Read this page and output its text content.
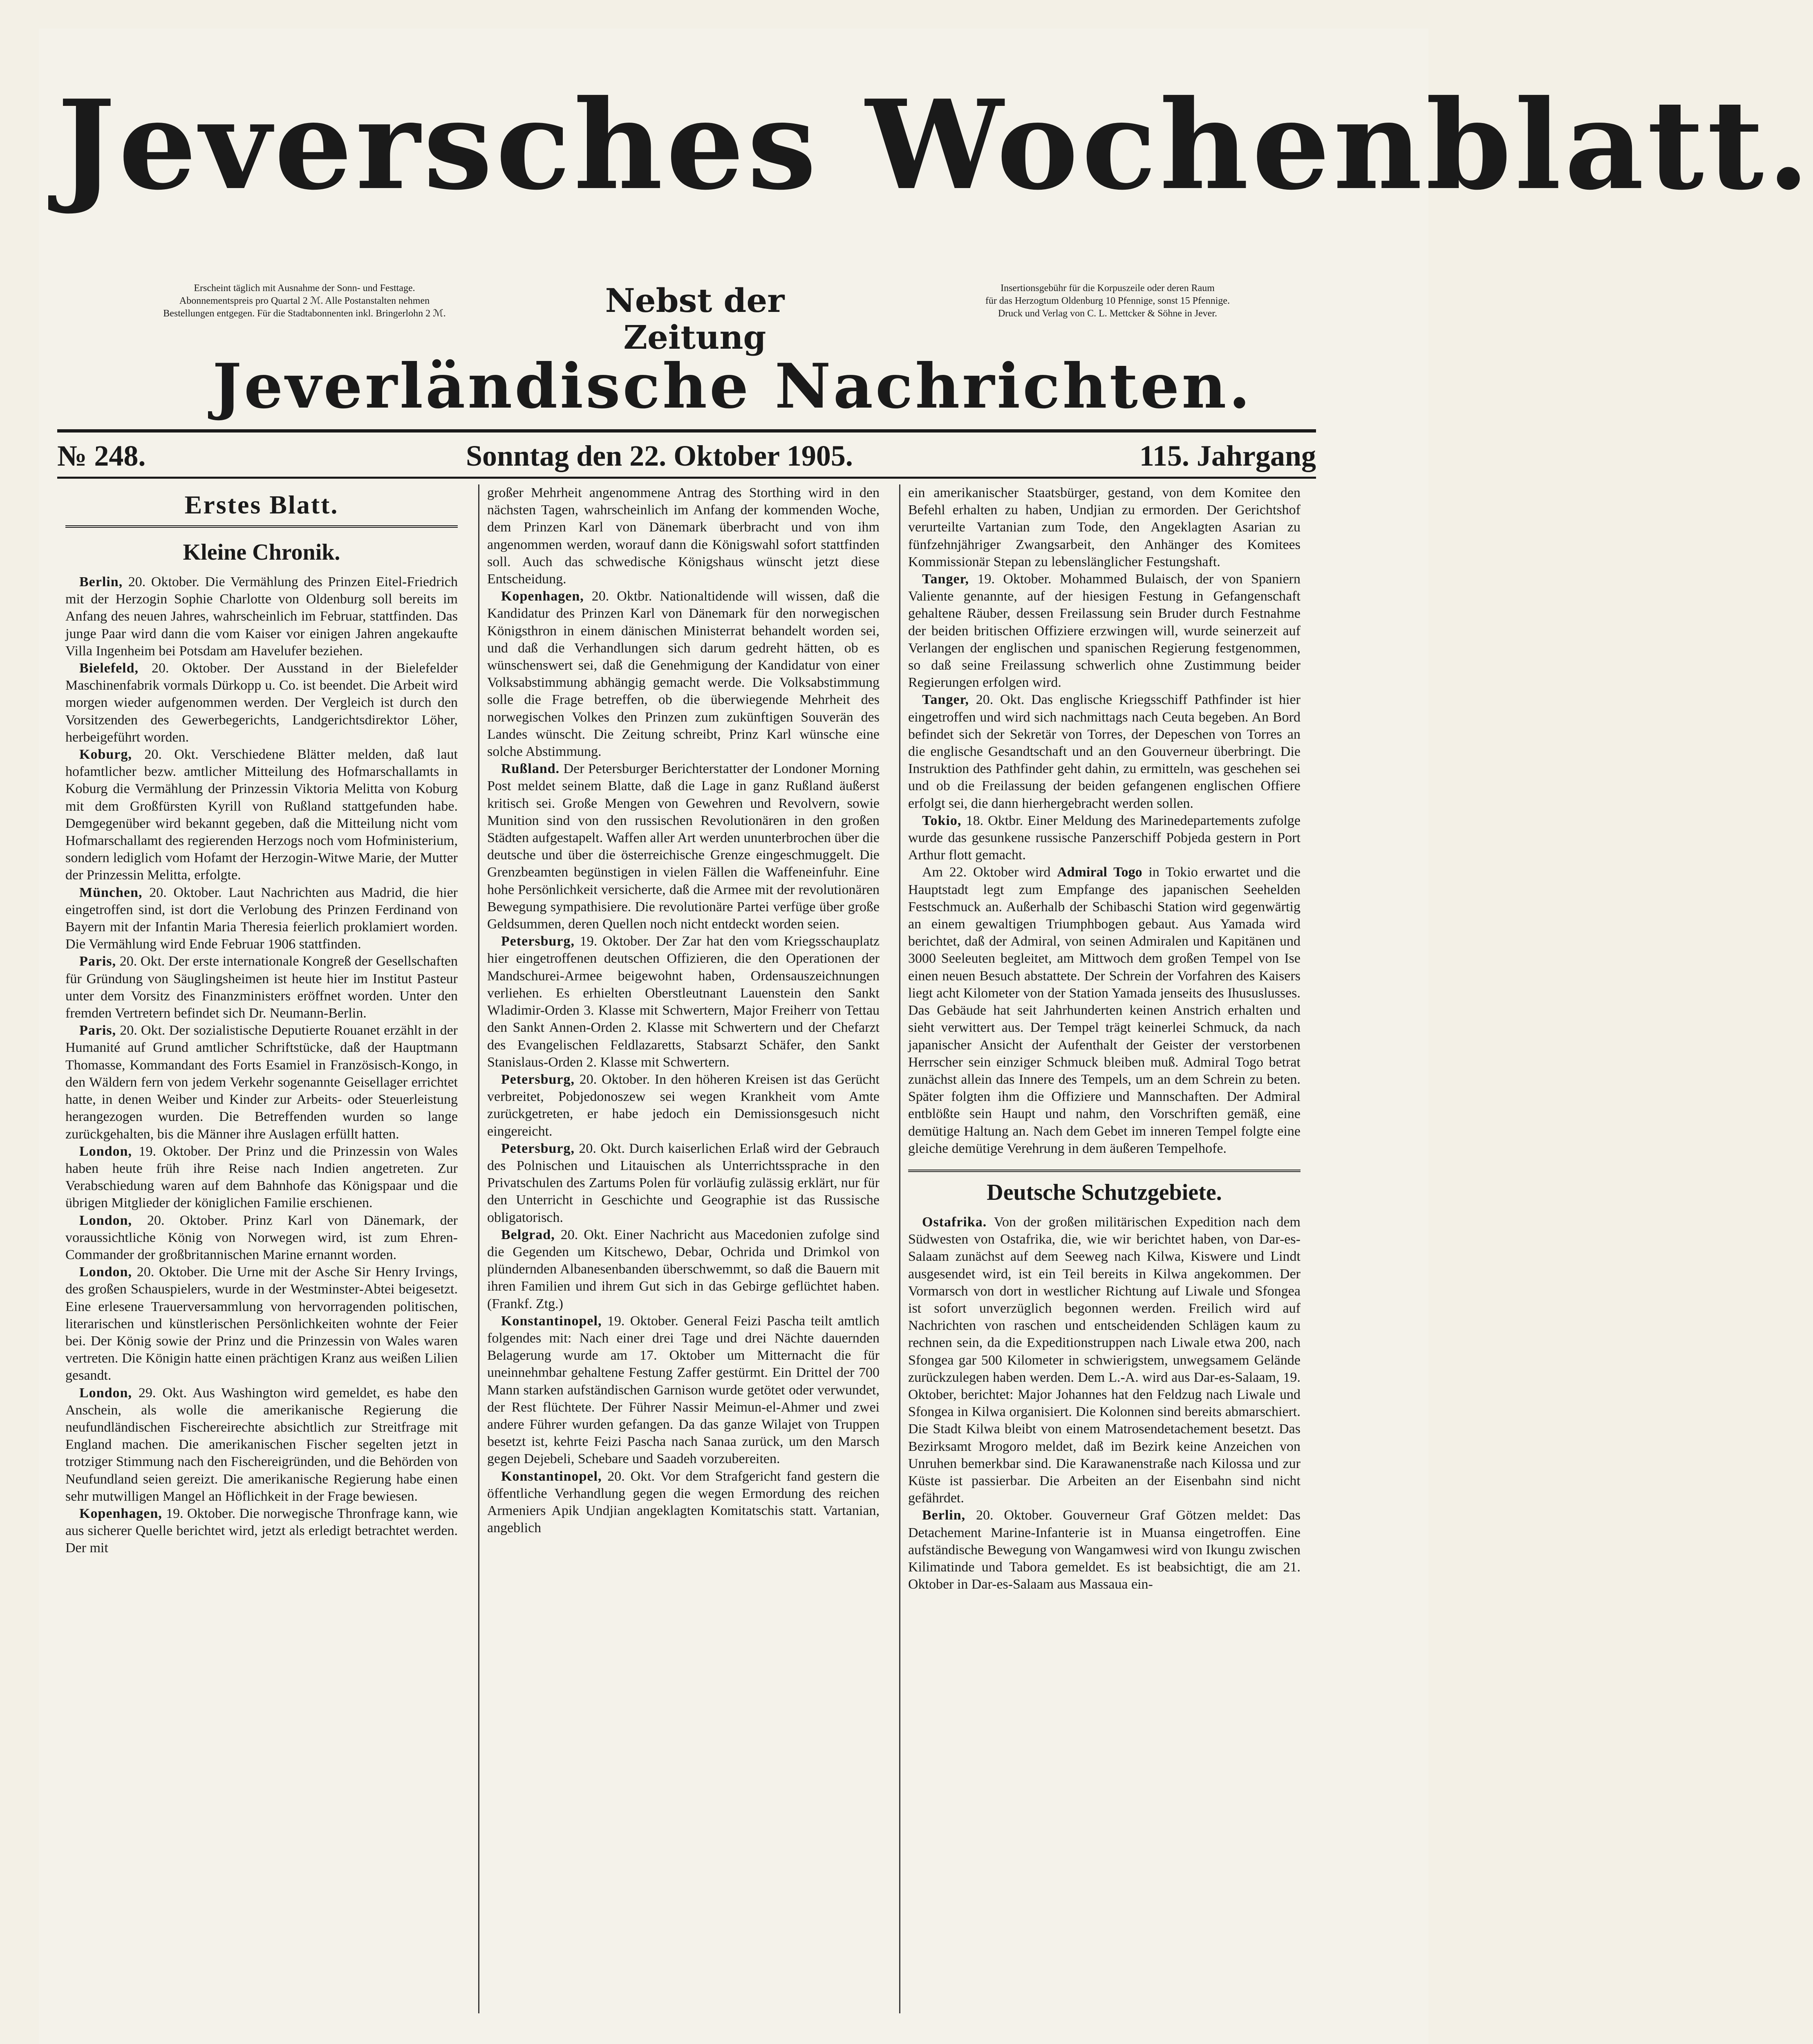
Jeversches Wochenblatt.
Erscheint täglich mit Ausnahme der Sonn- und Festtage.
Abonnementspreis pro Quartal 2 ℳ. Alle Postanstalten nehmen
Bestellungen entgegen. Für die Stadtabonnenten inkl. Bringerlohn 2 ℳ.	Nebst der Zeitung
Insertionsgebühr für die Korpuszeile oder deren Raum
für das Herzogtum Oldenburg 10 Pfennige, sonst 15 Pfennige.
Druck und Verlag von C. L. Mettcker & Söhne in Jever.
Jeverländische Nachrichten.
№ 248.	Sonntag den 22. Oktober 1905.	115. Jahrgang
Erstes Blatt.
Kleine Chronik.

Berlin, 20. Oktober. Die Vermählung des Prinzen Eitel-Friedrich mit der Herzogin Sophie Charlotte von Oldenburg soll bereits im Anfang des neuen Jahres, wahrscheinlich im Februar, stattfinden. Das junge Paar wird dann die vom Kaiser vor einigen Jahren angekaufte Villa Ingenheim bei Potsdam am Havelufer beziehen.

Bielefeld, 20. Oktober. Der Ausstand in der Bielefelder Maschinenfabrik vormals Dürkopp u. Co. ist beendet. Die Arbeit wird morgen wieder aufgenommen werden. Der Vergleich ist durch den Vorsitzenden des Gewerbegerichts, Landgerichtsdirektor Löher, herbeigeführt worden.

Koburg, 20. Okt. Verschiedene Blätter melden, daß laut hofamtlicher bezw. amtlicher Mitteilung des Hofmarschallamts in Koburg die Vermählung der Prinzessin Viktoria Melitta von Koburg mit dem Großfürsten Kyrill von Rußland stattgefunden habe. Demgegenüber wird bekannt gegeben, daß die Mitteilung nicht vom Hofmarschallamt des regierenden Herzogs noch vom Hofministerium, sondern lediglich vom Hofamt der Herzogin-Witwe Marie, der Mutter der Prinzessin Melitta, erfolgte.

München, 20. Oktober. Laut Nachrichten aus Madrid, die hier eingetroffen sind, ist dort die Verlobung des Prinzen Ferdinand von Bayern mit der Infantin Maria Theresia feierlich proklamiert worden. Die Vermählung wird Ende Februar 1906 stattfinden.

Paris, 20. Okt. Der erste internationale Kongreß der Gesellschaften für Gründung von Säuglingsheimen ist heute hier im Institut Pasteur unter dem Vorsitz des Finanzministers eröffnet worden. Unter den fremden Vertretern befindet sich Dr. Neumann-Berlin.

Paris, 20. Okt. Der sozialistische Deputierte Rouanet erzählt in der Humanité auf Grund amtlicher Schriftstücke, daß der Hauptmann Thomasse, Kommandant des Forts Esamiel in Französisch-Kongo, in den Wäldern fern von jedem Verkehr sogenannte Geisellager errichtet hatte, in denen Weiber und Kinder zur Arbeits- oder Steuerleistung herangezogen wurden. Die Betreffenden wurden so lange zurückgehalten, bis die Männer ihre Auslagen erfüllt hatten.

London, 19. Oktober. Der Prinz und die Prinzessin von Wales haben heute früh ihre Reise nach Indien angetreten. Zur Verabschiedung waren auf dem Bahnhofe das Königspaar und die übrigen Mitglieder der königlichen Familie erschienen.

London, 20. Oktober. Prinz Karl von Dänemark, der voraussichtliche König von Norwegen wird, ist zum Ehren-Commander der großbritannischen Marine ernannt worden.

London, 20. Oktober. Die Urne mit der Asche Sir Henry Irvings, des großen Schauspielers, wurde in der Westminster-Abtei beigesetzt. Eine erlesene Trauerversammlung von hervorragenden politischen, literarischen und künstlerischen Persönlichkeiten wohnte der Feier bei. Der König sowie der Prinz und die Prinzessin von Wales waren vertreten. Die Königin hatte einen prächtigen Kranz aus weißen Lilien gesandt.

London, 29. Okt. Aus Washington wird gemeldet, es habe den Anschein, als wolle die amerikanische Regierung die neufundländischen Fischereirechte absichtlich zur Streitfrage mit England machen. Die amerikanischen Fischer segelten jetzt in trotziger Stimmung nach den Fischereigründen, und die Behörden von Neufundland seien gereizt. Die amerikanische Regierung habe einen sehr mutwilligen Mangel an Höflichkeit in der Frage bewiesen.

Kopenhagen, 19. Oktober. Die norwegische Thronfrage kann, wie aus sicherer Quelle berichtet wird, jetzt als erledigt betrachtet werden. Der mit

großer Mehrheit angenommene Antrag des Storthing wird in den nächsten Tagen, wahrscheinlich im Anfang der kommenden Woche, dem Prinzen Karl von Dänemark überbracht und von ihm angenommen werden, worauf dann die Königswahl sofort stattfinden soll. Auch das schwedische Königshaus wünscht jetzt diese Entscheidung.

Kopenhagen, 20. Oktbr. Nationaltidende will wissen, daß die Kandidatur des Prinzen Karl von Dänemark für den norwegischen Königsthron in einem dänischen Ministerrat behandelt worden sei, und daß die Verhandlungen sich darum gedreht hätten, ob es wünschenswert sei, daß die Genehmigung der Kandidatur von einer Volksabstimmung abhängig gemacht werde. Die Volksabstimmung solle die Frage betreffen, ob die überwiegende Mehrheit des norwegischen Volkes den Prinzen zum zukünftigen Souverän des Landes wünscht. Die Zeitung schreibt, Prinz Karl wünsche eine solche Abstimmung.

Rußland. Der Petersburger Berichterstatter der Londoner Morning Post meldet seinem Blatte, daß die Lage in ganz Rußland äußerst kritisch sei. Große Mengen von Gewehren und Revolvern, sowie Munition sind von den russischen Revolutionären in den großen Städten aufgestapelt. Waffen aller Art werden ununterbrochen über die deutsche und über die österreichische Grenze eingeschmuggelt. Die Grenzbeamten begünstigen in vielen Fällen die Waffeneinfuhr. Eine hohe Persönlichkeit versicherte, daß die Armee mit der revolutionären Bewegung sympathisiere. Die revolutionäre Partei verfüge über große Geldsummen, deren Quellen noch nicht entdeckt worden seien.

Petersburg, 19. Oktober. Der Zar hat den vom Kriegsschauplatz hier eingetroffenen deutschen Offizieren, die den Operationen der Mandschurei-Armee beigewohnt haben, Ordensauszeichnungen verliehen. Es erhielten Oberstleutnant Lauenstein den Sankt Wladimir-Orden 3. Klasse mit Schwertern, Major Freiherr von Tettau den Sankt Annen-Orden 2. Klasse mit Schwertern und der Chefarzt des Evangelischen Feldlazaretts, Stabsarzt Schäfer, den Sankt Stanislaus-Orden 2. Klasse mit Schwertern.

Petersburg, 20. Oktober. In den höheren Kreisen ist das Gerücht verbreitet, Pobjedonoszew sei wegen Krankheit vom Amte zurückgetreten, er habe jedoch ein Demissionsgesuch nicht eingereicht.

Petersburg, 20. Okt. Durch kaiserlichen Erlaß wird der Gebrauch des Polnischen und Litauischen als Unterrichtssprache in den Privatschulen des Zartums Polen für vorläufig zulässig erklärt, nur für den Unterricht in Geschichte und Geographie ist das Russische obligatorisch.

Belgrad, 20. Okt. Einer Nachricht aus Macedonien zufolge sind die Gegenden um Kitschewo, Debar, Ochrida und Drimkol von plündernden Albanesenbanden überschwemmt, so daß die Bauern mit ihren Familien und ihrem Gut sich in das Gebirge geflüchtet haben. (Frankf. Ztg.)

Konstantinopel, 19. Oktober. General Feizi Pascha teilt amtlich folgendes mit: Nach einer drei Tage und drei Nächte dauernden Belagerung wurde am 17. Oktober um Mitternacht die für uneinnehmbar gehaltene Festung Zaffer gestürmt. Ein Drittel der 700 Mann starken aufständischen Garnison wurde getötet oder verwundet, der Rest flüchtete. Der Führer Nassir Meimun-el-Ahmer und zwei andere Führer wurden gefangen. Da das ganze Wilajet von Truppen besetzt ist, kehrte Feizi Pascha nach Sanaa zurück, um den Marsch gegen Dejebeli, Schebare und Saadeh vorzubereiten.

Konstantinopel, 20. Okt. Vor dem Strafgericht fand gestern die öffentliche Verhandlung gegen die wegen Ermordung des reichen Armeniers Apik Undjian angeklagten Komitatschis statt. Vartanian, angeblich

ein amerikanischer Staatsbürger, gestand, von dem Komitee den Befehl erhalten zu haben, Undjian zu ermorden. Der Gerichtshof verurteilte Vartanian zum Tode, den Angeklagten Asarian zu fünfzehnjähriger Zwangsarbeit, den Anhänger des Komitees Kommissionär Stepan zu lebenslänglicher Festungshaft.

Tanger, 19. Oktober. Mohammed Bulaisch, der von Spaniern Valiente genannte, auf der hiesigen Festung in Gefangenschaft gehaltene Räuber, dessen Freilassung sein Bruder durch Festnahme der beiden britischen Offiziere erzwingen will, wurde seinerzeit auf Verlangen der englischen und spanischen Regierung festgenommen, so daß seine Freilassung schwerlich ohne Zustimmung beider Regierungen erfolgen wird.

Tanger, 20. Okt. Das englische Kriegsschiff Pathfinder ist hier eingetroffen und wird sich nachmittags nach Ceuta begeben. An Bord befindet sich der Sekretär von Torres, der Depeschen von Torres an die englische Gesandtschaft und an den Gouverneur überbringt. Die Instruktion des Pathfinder geht dahin, zu ermitteln, was geschehen sei und ob die Freilassung der beiden gefangenen englischen Offiere erfolgt sei, die dann hierhergebracht werden sollen.

Tokio, 18. Oktbr. Einer Meldung des Marinedepartements zufolge wurde das gesunkene russische Panzerschiff Pobjeda gestern in Port Arthur flott gemacht.

Am 22. Oktober wird Admiral Togo in Tokio erwartet und die Hauptstadt legt zum Empfange des japanischen Seehelden Festschmuck an. Außerhalb der Schibaschi Station wird gegenwärtig an einem gewaltigen Triumphbogen gebaut. Aus Yamada wird berichtet, daß der Admiral, von seinen Admiralen und Kapitänen und 3000 Seeleuten begleitet, am Mittwoch dem großen Tempel von Ise einen neuen Besuch abstattete. Der Schrein der Vorfahren des Kaisers liegt acht Kilometer von der Station Yamada jenseits des Ihususlusses. Das Gebäude hat seit Jahrhunderten keinen Anstrich erhalten und sieht verwittert aus. Der Tempel trägt keinerlei Schmuck, da nach japanischer Ansicht der Aufenthalt der Geister der verstorbenen Herrscher sein einziger Schmuck bleiben muß. Admiral Togo betrat zunächst allein das Innere des Tempels, um an dem Schrein zu beten. Später folgten ihm die Offiziere und Mannschaften. Der Admiral entblößte sein Haupt und nahm, den Vorschriften gemäß, eine demütige Haltung an. Nach dem Gebet im inneren Tempel folgte eine gleiche demütige Verehrung in dem äußeren Tempelhofe.

Deutsche Schutzgebiete.

Ostafrika. Von der großen militärischen Expedition nach dem Südwesten von Ostafrika, die, wie wir berichtet haben, von Dar-es-Salaam zunächst auf dem Seeweg nach Kilwa, Kiswere und Lindt ausgesendet wird, ist ein Teil bereits in Kilwa angekommen. Der Vormarsch von dort in westlicher Richtung auf Liwale und Sfongea ist sofort unverzüglich begonnen werden. Freilich wird auf Nachrichten von raschen und entscheidenden Schlägen kaum zu rechnen sein, da die Expeditionstruppen nach Liwale etwa 200, nach Sfongea gar 500 Kilometer in schwierigstem, unwegsamem Gelände zurückzulegen haben werden. Dem L.-A. wird aus Dar-es-Salaam, 19. Oktober, berichtet: Major Johannes hat den Feldzug nach Liwale und Sfongea in Kilwa organisiert. Die Kolonnen sind bereits abmarschiert. Die Stadt Kilwa bleibt von einem Matrosendetachement besetzt. Das Bezirksamt Mrogoro meldet, daß im Bezirk keine Anzeichen von Unruhen bemerkbar sind. Die Karawanenstraße nach Kilossa und zur Küste ist passierbar. Die Arbeiten an der Eisenbahn sind nicht gefährdet.

Berlin, 20. Oktober. Gouverneur Graf Götzen meldet: Das Detachement Marine-Infanterie ist in Muansa eingetroffen. Eine aufständische Bewegung von Wangamwesi wird von Ikungu zwischen Kilimatinde und Tabora gemeldet. Es ist beabsichtigt, die am 21. Oktober in Dar-es-Salaam aus Massaua ein-
